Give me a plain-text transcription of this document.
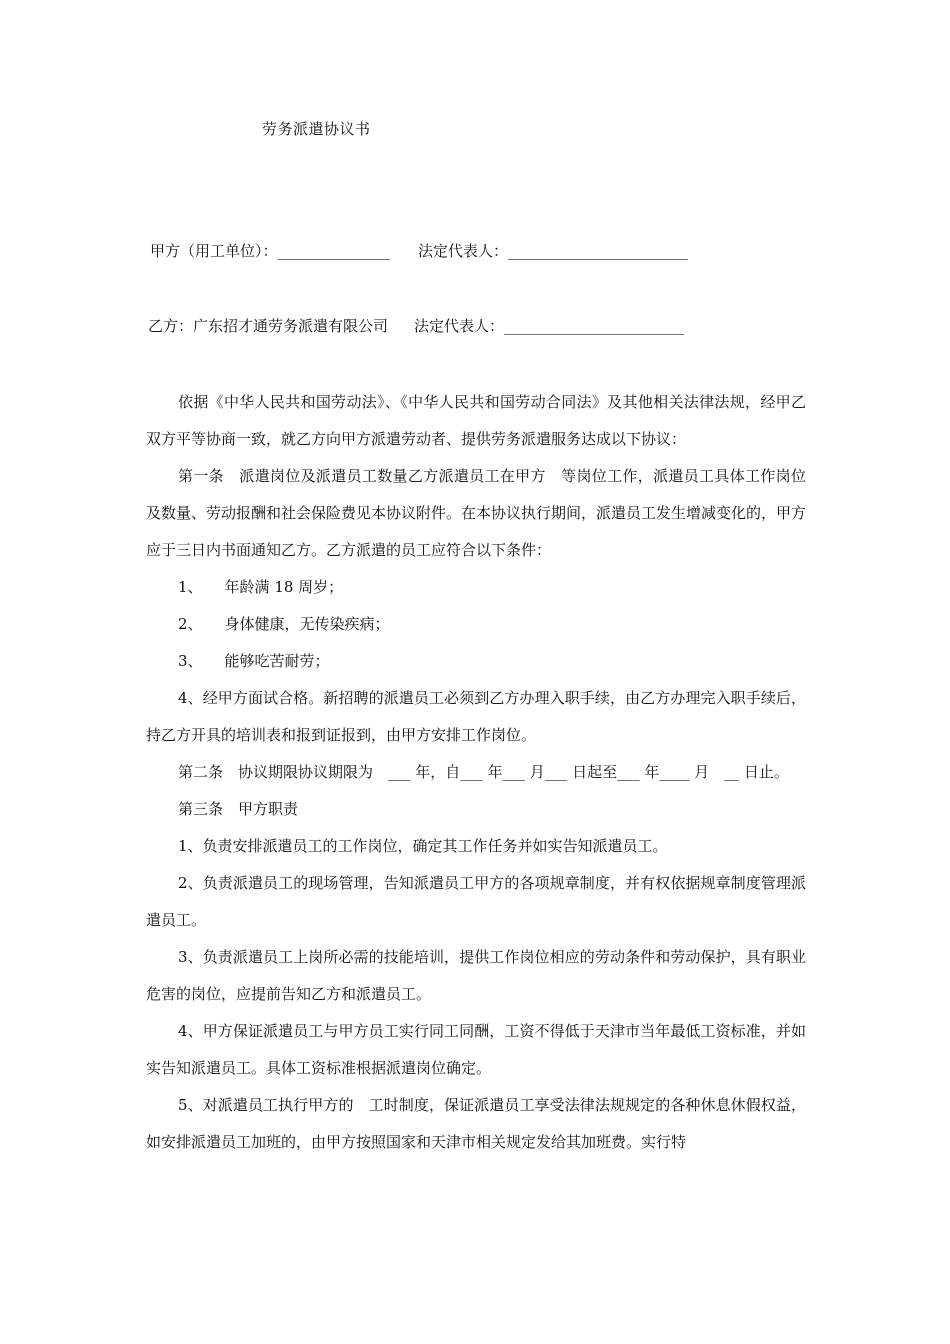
劳务派遣协议书
甲方（用工单位）：_______________ 法定代表人：________________________
乙方：广东招才通劳务派遣有限公司 法定代表人：________________________

依据《中华人民共和国劳动法》、《中华人民共和国劳动合同法》及其他相关法律法规，经甲乙双方平等协商一致，就乙方向甲方派遣劳动者、提供劳务派遣服务达成以下协议：

第一条　派遣岗位及派遣员工数量乙方派遣员工在甲方　等岗位工作，派遣员工具体工作岗位及数量、劳动报酬和社会保险费见本协议附件。在本协议执行期间，派遣员工发生增减变化的，甲方应于三日内书面通知乙方。乙方派遣的员工应符合以下条件：

1、 年龄满 18 周岁；

2、 身体健康，无传染疾病；

3、 能够吃苦耐劳；

4、经甲方面试合格。新招聘的派遣员工必须到乙方办理入职手续，由乙方办理完入职手续后，持乙方开具的培训表和报到证报到，由甲方安排工作岗位。

第二条　协议期限协议期限为　___ 年，自___ 年___ 月___ 日起至___ 年____ 月　__ 日止。

第三条　甲方职责

1、负责安排派遣员工的工作岗位，确定其工作任务并如实告知派遣员工。

2、负责派遣员工的现场管理，告知派遣员工甲方的各项规章制度，并有权依据规章制度管理派遣员工。

3、负责派遣员工上岗所必需的技能培训，提供工作岗位相应的劳动条件和劳动保护，具有职业危害的岗位，应提前告知乙方和派遣员工。

4、甲方保证派遣员工与甲方员工实行同工同酬，工资不得低于天津市当年最低工资标准，并如实告知派遣员工。具体工资标准根据派遣岗位确定。

5、对派遣员工执行甲方的　工时制度，保证派遣员工享受法律法规规定的各种休息休假权益，如安排派遣员工加班的，由甲方按照国家和天津市相关规定发给其加班费。实行特
